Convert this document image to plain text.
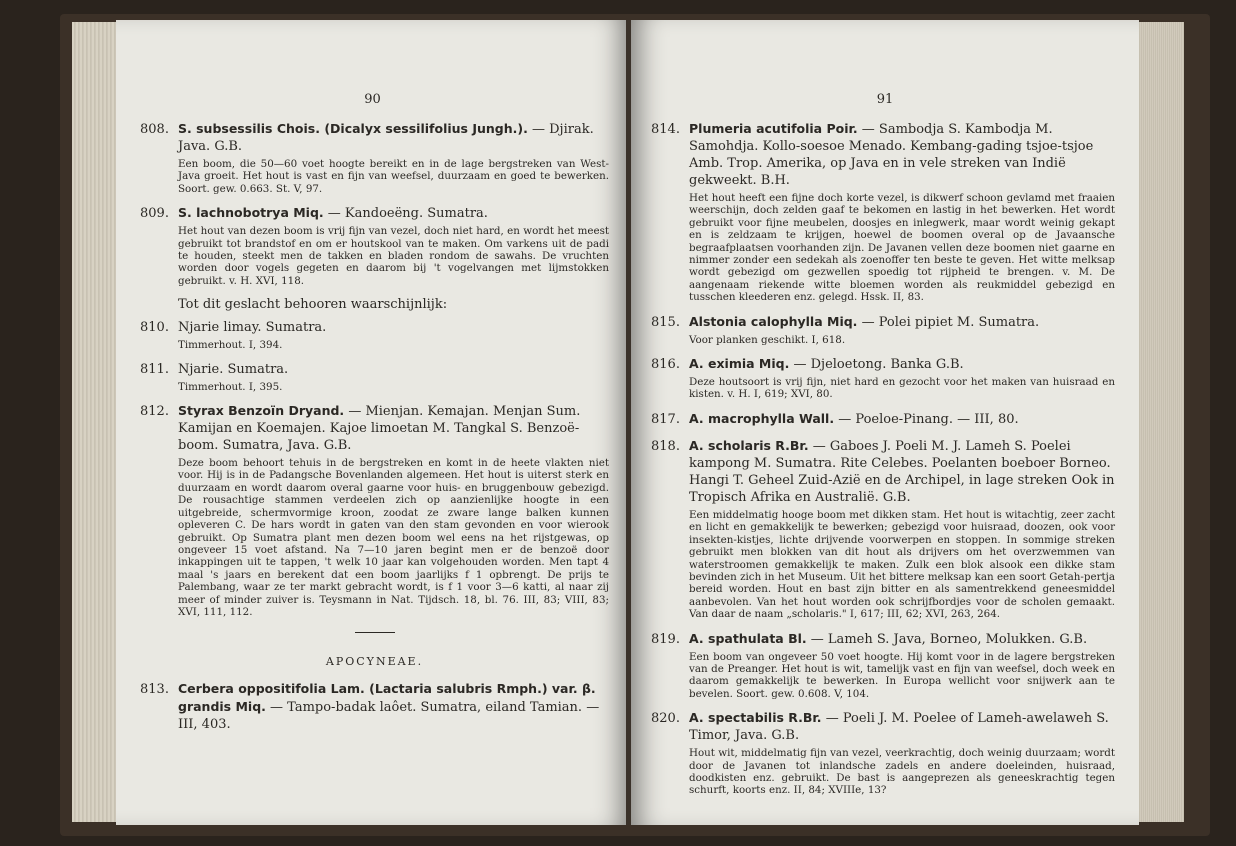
90

808. S. subsessilis Chois. (Dicalyx sessilifolius Jungh.). — Djirak. Java. G.B.

Een boom, die 50—60 voet hoogte bereikt en in de lage bergstreken van West-Java groeit. Het hout is vast en fijn van weefsel, duurzaam en goed te bewerken. Soort. gew. 0.663. St. V, 97.

809. S. lachnobotrya Miq. — Kandoeëng. Sumatra.

Het hout van dezen boom is vrij fijn van vezel, doch niet hard, en wordt het meest gebruikt tot brandstof en om er houtskool van te maken. Om varkens uit de padi te houden, steekt men de takken en bladen rondom de sawahs. De vruchten worden door vogels gegeten en daarom bij 't vogelvangen met lijmstokken gebruikt. v. H. XVI, 118.

Tot dit geslacht behooren waarschijnlijk:

810. Njarie limay. Sumatra.

Timmerhout. I, 394.

811. Njarie. Sumatra.

Timmerhout. I, 395.

812. Styrax Benzoïn Dryand. — Mienjan. Kemajan. Menjan Sum. Kamijan en Koemajen. Kajoe limoetan M. Tangkal S. Benzoë-boom. Sumatra, Java. G.B.

Deze boom behoort tehuis in de bergstreken en komt in de heete vlakten niet voor. Hij is in de Padangsche Bovenlanden algemeen. Het hout is uiterst sterk en duurzaam en wordt daarom overal gaarne voor huis- en bruggenbouw gebezigd. De rousachtige stammen verdeelen zich op aanzienlijke hoogte in een uitgebreide, schermvormige kroon, zoodat ze zware lange balken kunnen opleveren C. De hars wordt in gaten van den stam gevonden en voor wierook gebruikt. Op Sumatra plant men dezen boom wel eens na het rijstgewas, op ongeveer 15 voet afstand. Na 7—10 jaren begint men er de benzoë door inkappingen uit te tappen, 't welk 10 jaar kan volgehouden worden. Men tapt 4 maal 's jaars en berekent dat een boom jaarlijks f 1 opbrengt. De prijs te Palembang, waar ze ter markt gebracht wordt, is f 1 voor 3—6 katti, al naar zij meer of minder zuiver is. Teysmann in Nat. Tijdsch. 18, bl. 76. III, 83; VIII, 83; XVI, 111, 112.

APOCYNEAE.

813. Cerbera oppositifolia Lam. (Lactaria salubris Rmph.) var. β. grandis Miq. — Tampo-badak laôet. Sumatra, eiland Tamian. — III, 403.

91

814. Plumeria acutifolia Poir. — Sambodja S. Kambodja M. Samohdja. Kollo-soesoe Menado. Kembang-gading tsjoe-tsjoe Amb. Trop. Amerika, op Java en in vele streken van Indië gekweekt. B.H.

Het hout heeft een fijne doch korte vezel, is dikwerf schoon gevlamd met fraaien weerschijn, doch zelden gaaf te bekomen en lastig in het bewerken. Het wordt gebruikt voor fijne meubelen, doosjes en inlegwerk, maar wordt weinig gekapt en is zeldzaam te krijgen, hoewel de boomen overal op de Javaansche begraafplaatsen voorhanden zijn. De Javanen vellen deze boomen niet gaarne en nimmer zonder een sedekah als zoenoffer ten beste te geven. Het witte melksap wordt gebezigd om gezwellen spoedig tot rijpheid te brengen. v. M. De aangenaam riekende witte bloemen worden als reukmiddel gebezigd en tusschen kleederen enz. gelegd. Hssk. II, 83.

815. Alstonia calophylla Miq. — Polei pipiet M. Sumatra.

Voor planken geschikt. I, 618.

816. A. eximia Miq. — Djeloetong. Banka G.B.

Deze houtsoort is vrij fijn, niet hard en gezocht voor het maken van huisraad en kisten. v. H. I, 619; XVI, 80.

817. A. macrophylla Wall. — Poeloe-Pinang. — III, 80.

818. A. scholaris R.Br. — Gaboes J. Poeli M. J. Lameh S. Poelei kampong M. Sumatra. Rite Celebes. Poelanten boeboer Borneo. Hangi T. Geheel Zuid-Azië en de Archipel, in lage streken Ook in Tropisch Afrika en Australië. G.B.

Een middelmatig hooge boom met dikken stam. Het hout is witachtig, zeer zacht en licht en gemakkelijk te bewerken; gebezigd voor huisraad, doozen, ook voor insekten-kistjes, lichte drijvende voorwerpen en stoppen. In sommige streken gebruikt men blokken van dit hout als drijvers om het overzwemmen van waterstroomen gemakkelijk te maken. Zulk een blok alsook een dikke stam bevinden zich in het Museum. Uit het bittere melksap kan een soort Getah-pertja bereid worden. Hout en bast zijn bitter en als samentrekkend geneesmiddel aanbevolen. Van het hout worden ook schrijfbordjes voor de scholen gemaakt. Van daar de naam „scholaris." I, 617; III, 62; XVI, 263, 264.

819. A. spathulata Bl. — Lameh S. Java, Borneo, Molukken. G.B.

Een boom van ongeveer 50 voet hoogte. Hij komt voor in de lagere bergstreken van de Preanger. Het hout is wit, tamelijk vast en fijn van weefsel, doch week en daarom gemakkelijk te bewerken. In Europa wellicht voor snijwerk aan te bevelen. Soort. gew. 0.608. V, 104.

820. A. spectabilis R.Br. — Poeli J. M. Poelee of Lameh-awelaweh S. Timor, Java. G.B.

Hout wit, middelmatig fijn van vezel, veerkrachtig, doch weinig duurzaam; wordt door de Javanen tot inlandsche zadels en andere doeleinden, huisraad, doodkisten enz. gebruikt. De bast is aangeprezen als geneeskrachtig tegen schurft, koorts enz. II, 84; XVIIIe, 13?
